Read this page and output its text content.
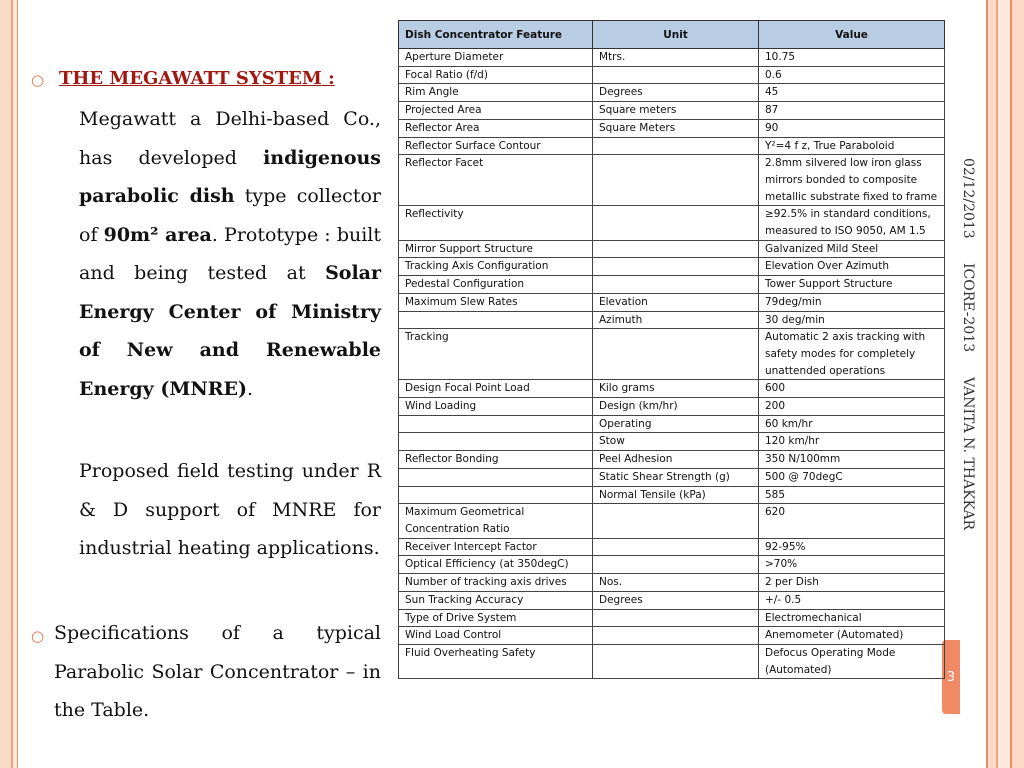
○ THE MEGAWATT SYSTEM :
Megawatt a Delhi-based Co., has developed indigenous parabolic dish type collector of 90m² area. Prototype : built and being tested at Solar Energy Center of Ministry of New and Renewable Energy (MNRE).
Proposed field testing under R & D support of MNRE for industrial heating applications.
○ Specifications of a typical Parabolic Solar Concentrator – in the Table.
02/12/2013 ICORE-2013 VANITA N. THAKKAR
3
Dish Concentrator Feature	Unit	Value
Aperture Diameter	Mtrs.	10.75
Focal Ratio (f/d)		0.6
Rim Angle	Degrees	45
Projected Area	Square meters	87
Reflector Area	Square Meters	90
Reflector Surface Contour		Y²=4 f z, True Paraboloid
Reflector Facet		2.8mm silvered low iron glass mirrors bonded to composite metallic substrate fixed to frame
Reflectivity		≥92.5% in standard conditions, measured to ISO 9050, AM 1.5
Mirror Support Structure		Galvanized Mild Steel
Tracking Axis Configuration		Elevation Over Azimuth
Pedestal Configuration		Tower Support Structure
Maximum Slew Rates	Elevation	79deg/min
	Azimuth	30 deg/min
Tracking		Automatic 2 axis tracking with safety modes for completely unattended operations
Design Focal Point Load	Kilo grams	600
Wind Loading	Design (km/hr)	200
	Operating	60 km/hr
	Stow	120 km/hr
Reflector Bonding	Peel Adhesion	350 N/100mm
	Static Shear Strength (g)	500 @ 70degC
	Normal Tensile (kPa)	585
Maximum Geometrical Concentration Ratio		620
Receiver Intercept Factor		92-95%
Optical Efficiency (at 350degC)		>70%
Number of tracking axis drives	Nos.	2 per Dish
Sun Tracking Accuracy	Degrees	+/- 0.5
Type of Drive System		Electromechanical
Wind Load Control		Anemometer (Automated)
Fluid Overheating Safety		Defocus Operating Mode (Automated)
